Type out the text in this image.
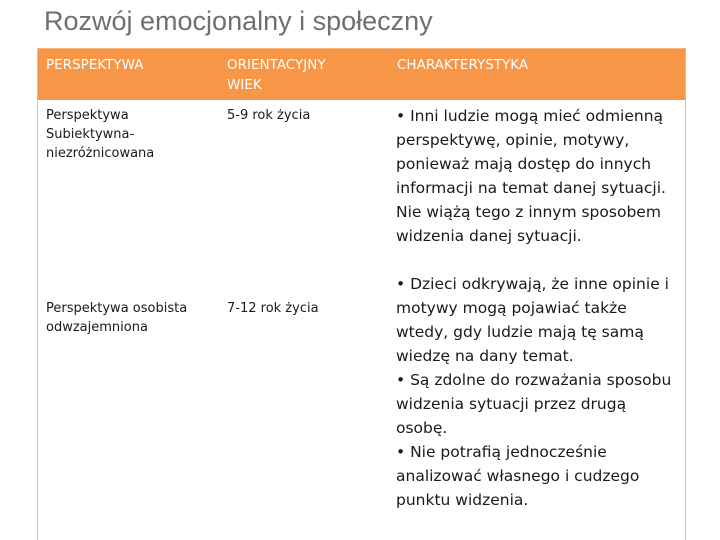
Rozwój emocjonalny i społeczny
PERSPEKTYWA	ORIENTACYJNY
WIEK
CHARAKTERYSTYKA
Perspektywa
Subiektywna-
niezróżnicowana
5-9 rok życia	• Inni ludzie mogą mieć odmienną
perspektywę, opinie, motywy,
ponieważ mają dostęp do innych
informacji na temat danej sytuacji.
Nie wiążą tego z innym sposobem
widzenia danej sytuacji.
Perspektywa osobista
odwzajemniona
7-12 rok życia
• Dzieci odkrywają, że inne opinie i
motywy mogą pojawiać także
wtedy, gdy ludzie mają tę samą
wiedzę na dany temat.
• Są zdolne do rozważania sposobu
widzenia sytuacji przez drugą
osobę.
• Nie potrafią jednocześnie
analizować własnego i cudzego
punktu widzenia.
